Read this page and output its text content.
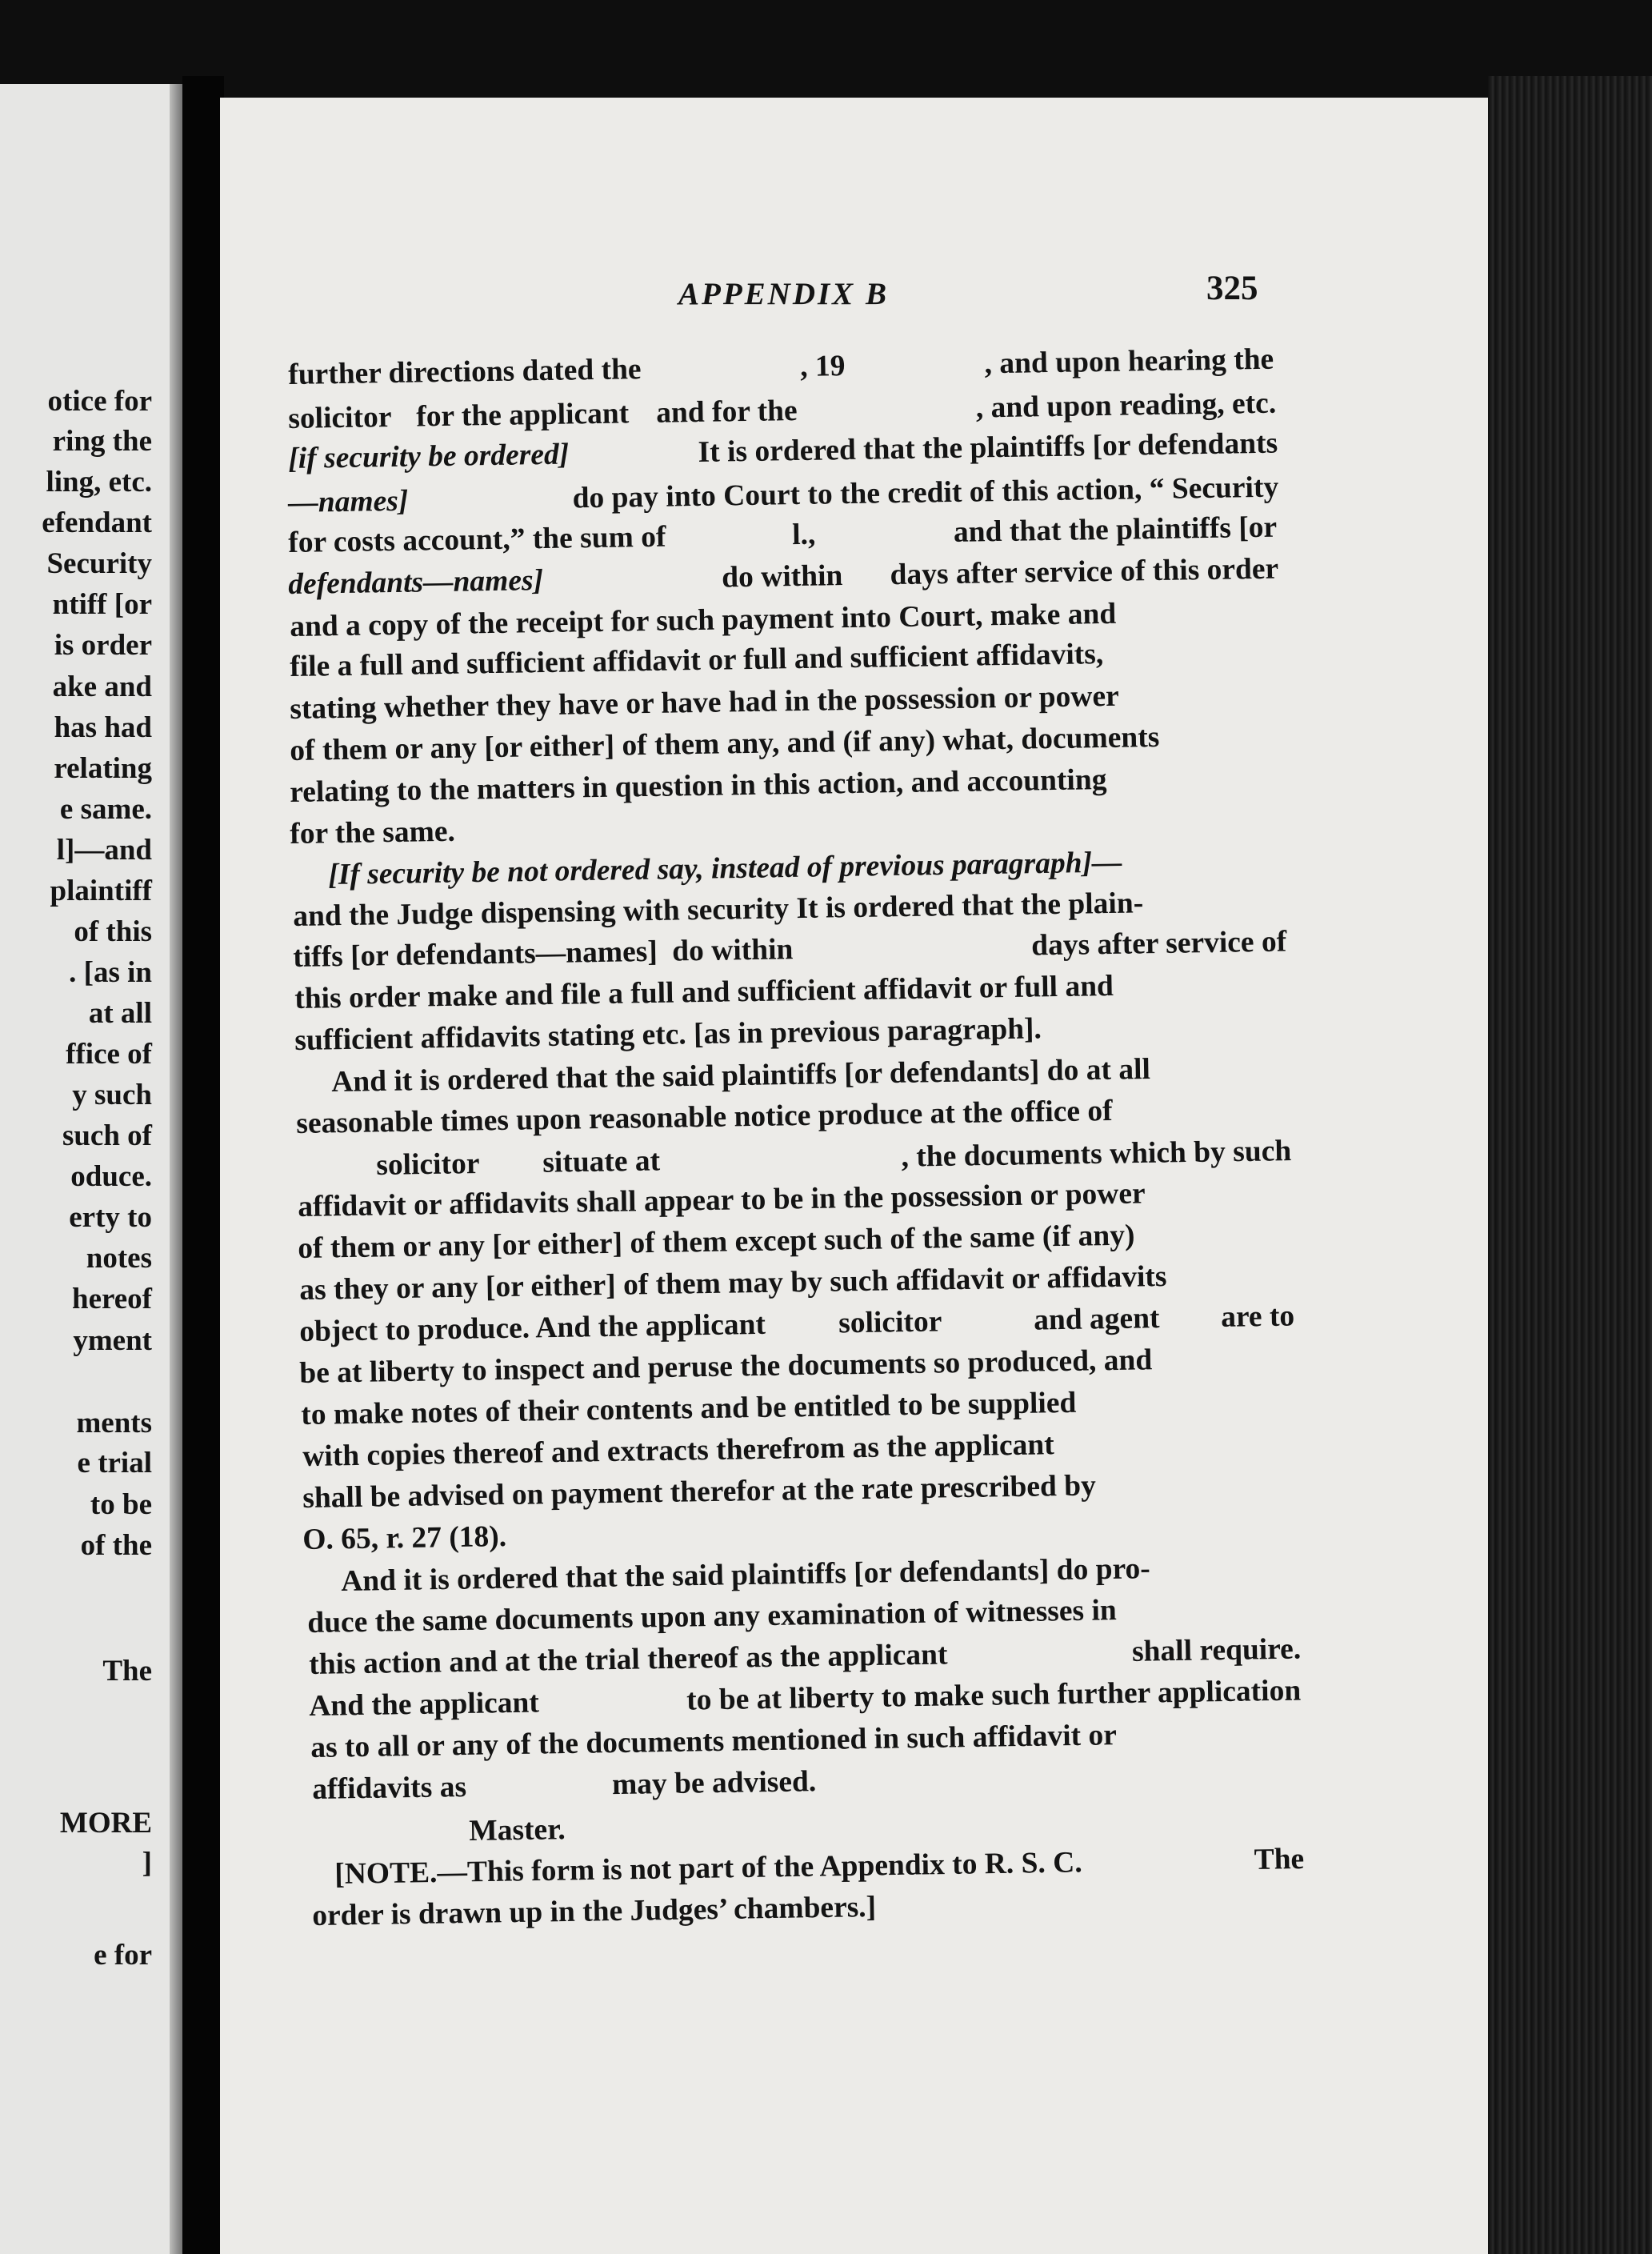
otice for
ring the
ling, etc.
efendant
Security
ntiff [or
is order
ake and
has had
relating
e same.
l]—and
plaintiff
of this
. [as in
at all
ffice of
y such
such of
oduce.
erty to
notes
hereof
yment
ments
e trial
to be
of the
The
MORE
]
e for
APPENDIX B	325
further directions dated the	, 19	, and upon hearing the
solicitor for the applicant and for the	, and upon reading, etc.
[if security be ordered]	It is ordered that the plaintiffs [or defendants
—names]	do pay into Court to the credit of this action, “ Security
for costs account,” the sum of	l.,	and that the plaintiffs [or
defendants—names]	do within days after service of this order
and a copy of the receipt for such payment into Court, make and
file a full and sufficient affidavit or full and sufficient affidavits,
stating whether they have or have had in the possession or power
of them or any [or either] of them any, and (if any) what, documents
relating to the matters in question in this action, and accounting
for the same.
[If security be not ordered say, instead of previous paragraph]—
and the Judge dispensing with security It is ordered that the plain-
tiffs [or defendants—names] do within	days after service of
this order make and file a full and sufficient affidavit or full and
sufficient affidavits stating etc. [as in previous paragraph].
And it is ordered that the said plaintiffs [or defendants] do at all
seasonable times upon reasonable notice produce at the office of
solicitor situate at	, the documents which by such
affidavit or affidavits shall appear to be in the possession or power
of them or any [or either] of them except such of the same (if any)
as they or any [or either] of them may by such affidavit or affidavits
object to produce. And the applicant solicitor	and agent are to
be at liberty to inspect and peruse the documents so produced, and
to make notes of their contents and be entitled to be supplied
with copies thereof and extracts therefrom as the applicant
shall be advised on payment therefor at the rate prescribed by
O. 65, r. 27 (18).
And it is ordered that the said plaintiffs [or defendants] do pro-
duce the same documents upon any examination of witnesses in
this action and at the trial thereof as the applicant	shall require.
And the applicant	to be at liberty to make such further application
as to all or any of the documents mentioned in such affidavit or
affidavits as	may be advised.
Master.
[NOTE.—This form is not part of the Appendix to R. S. C.	The
order is drawn up in the Judges’ chambers.]
